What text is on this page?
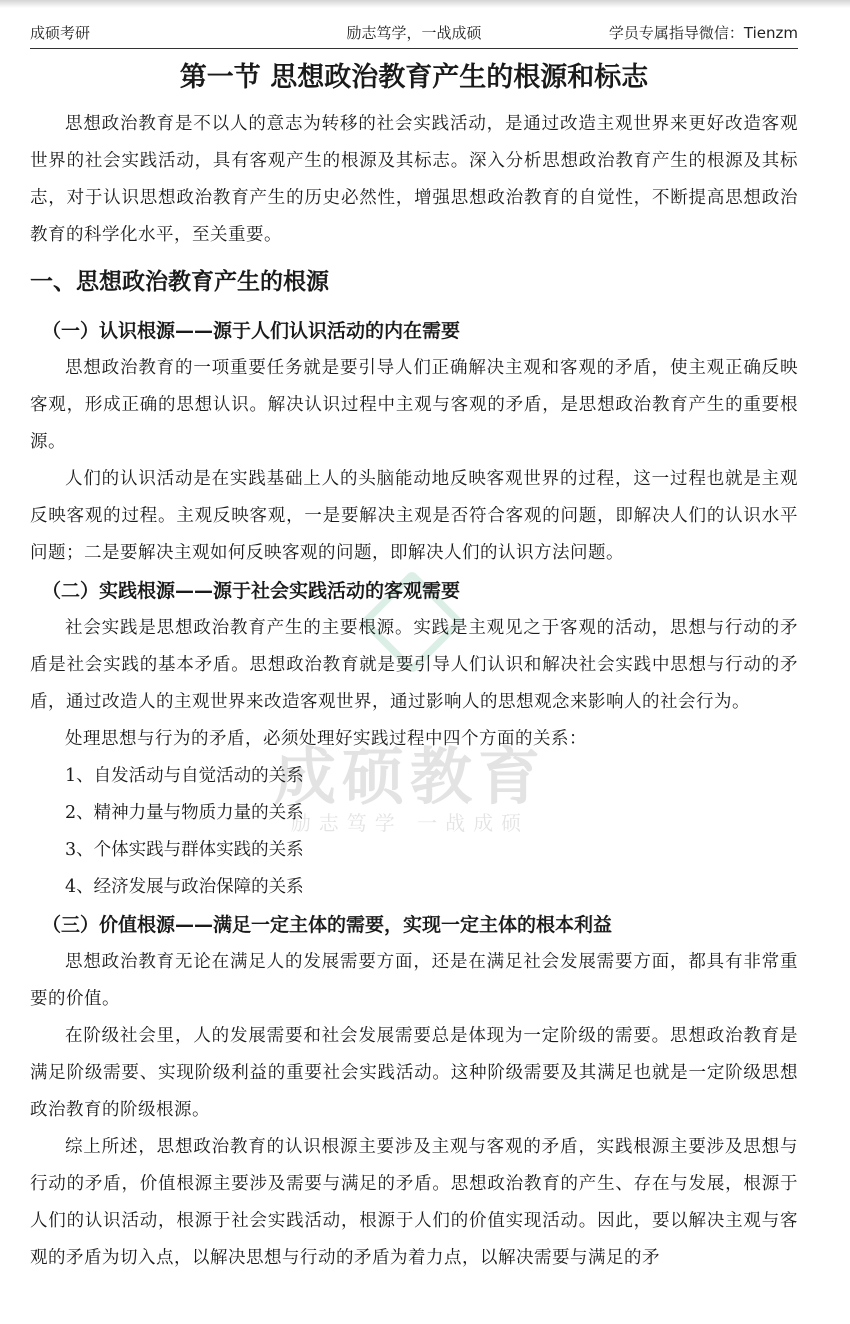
成硕考研	励志笃学，一战成硕	学员专属指导微信：Tienzm
成硕教育
励志笃学 一战成硕
第一节 思想政治教育产生的根源和标志

思想政治教育是不以人的意志为转移的社会实践活动，是通过改造主观世界来更好改造客观世界的社会实践活动，具有客观产生的根源及其标志。深入分析思想政治教育产生的根源及其标志，对于认识思想政治教育产生的历史必然性，增强思想政治教育的自觉性，不断提高思想政治教育的科学化水平，至关重要。

一、思想政治教育产生的根源
（一）认识根源——源于人们认识活动的内在需要

思想政治教育的一项重要任务就是要引导人们正确解决主观和客观的矛盾，使主观正确反映客观，形成正确的思想认识。解决认识过程中主观与客观的矛盾，是思想政治教育产生的重要根源。

人们的认识活动是在实践基础上人的头脑能动地反映客观世界的过程，这一过程也就是主观反映客观的过程。主观反映客观，一是要解决主观是否符合客观的问题，即解决人们的认识水平问题；二是要解决主观如何反映客观的问题，即解决人们的认识方法问题。

（二）实践根源——源于社会实践活动的客观需要

社会实践是思想政治教育产生的主要根源。实践是主观见之于客观的活动，思想与行动的矛盾是社会实践的基本矛盾。思想政治教育就是要引导人们认识和解决社会实践中思想与行动的矛盾，通过改造人的主观世界来改造客观世界，通过影响人的思想观念来影响人的社会行为。

处理思想与行为的矛盾，必须处理好实践过程中四个方面的关系：

1、自发活动与自觉活动的关系
2、精神力量与物质力量的关系
3、个体实践与群体实践的关系
4、经济发展与政治保障的关系
（三）价值根源——满足一定主体的需要，实现一定主体的根本利益

思想政治教育无论在满足人的发展需要方面，还是在满足社会发展需要方面，都具有非常重要的价值。

在阶级社会里，人的发展需要和社会发展需要总是体现为一定阶级的需要。思想政治教育是满足阶级需要、实现阶级利益的重要社会实践活动。这种阶级需要及其满足也就是一定阶级思想政治教育的阶级根源。

综上所述，思想政治教育的认识根源主要涉及主观与客观的矛盾，实践根源主要涉及思想与行动的矛盾，价值根源主要涉及需要与满足的矛盾。思想政治教育的产生、存在与发展，根源于人们的认识活动，根源于社会实践活动，根源于人们的价值实现活动。因此，要以解决主观与客观的矛盾为切入点，以解决思想与行动的矛盾为着力点，以解决需要与满足的矛
